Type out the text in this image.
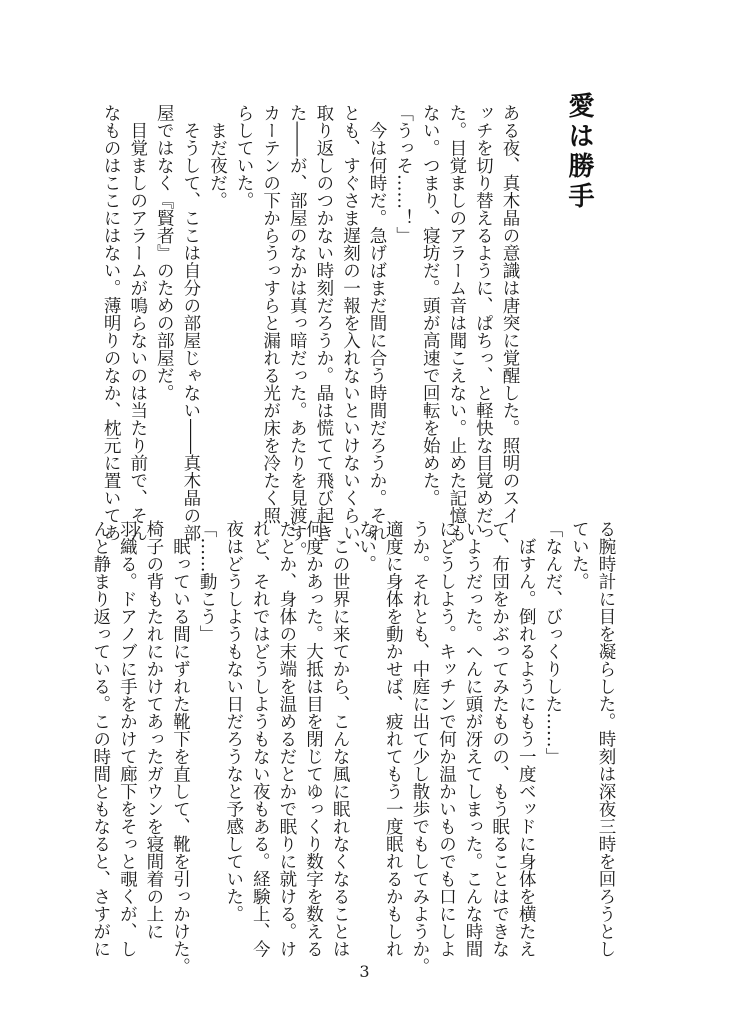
愛は勝手
ある夜、真木晶の意識は唐突に覚醒した。照明のスイ
ッチを切り替えるように、ぱちっ、と軽快な目覚めだっ
た。目覚ましのアラーム音は聞こえない。止めた記憶も
ない。つまり、寝坊だ。頭が高速で回転を始めた。
「うっそ……！」
　今は何時だ。急げばまだ間に合う時間だろうか。それ
とも、すぐさま遅刻の一報を入れないといけないくらい、
取り返しのつかない時刻だろうか。晶は慌てて飛び起き
た――が、部屋のなかは真っ暗だった。あたりを見渡す。
カーテンの下からうっすらと漏れる光が床を冷たく照
らしていた。
　まだ夜だ。
　そうして、ここは自分の部屋じゃない――真木晶の部
屋ではなく『賢者』のための部屋だ。
　目覚ましのアラームが鳴らないのは当たり前で、そん
なものはここにはない。薄明りのなか、枕元に置いてあ
る腕時計に目を凝らした。時刻は深夜三時を回ろうとし
ていた。
「なんだ、びっくりした……」
　ぼすん。倒れるようにもう一度ベッドに身体を横たえ
て、布団をかぶってみたものの、もう眠ることはできな
いようだった。へんに頭が冴えてしまった。こんな時間
にどうしよう。キッチンで何か温かいものでも口にしよ
うか。それとも、中庭に出て少し散歩でもしてみようか。
適度に身体を動かせば、疲れてもう一度眠れるかもしれ
ない。
　この世界に来てから、こんな風に眠れなくなることは
何度かあった。大抵は目を閉じてゆっくり数字を数える
だとか、身体の末端を温めるだとかで眠りに就ける。け
れど、それではどうしようもない夜もある。経験上、今
夜はどうしようもない日だろうなと予感していた。
「……動こう」
　眠っている間にずれた靴下を直して、靴を引っかけた。
椅子の背もたれにかけてあったガウンを寝間着の上に
羽織る。ドアノブに手をかけて廊下をそっと覗くが、し
んと静まり返っている。この時間ともなると、さすがに
3
